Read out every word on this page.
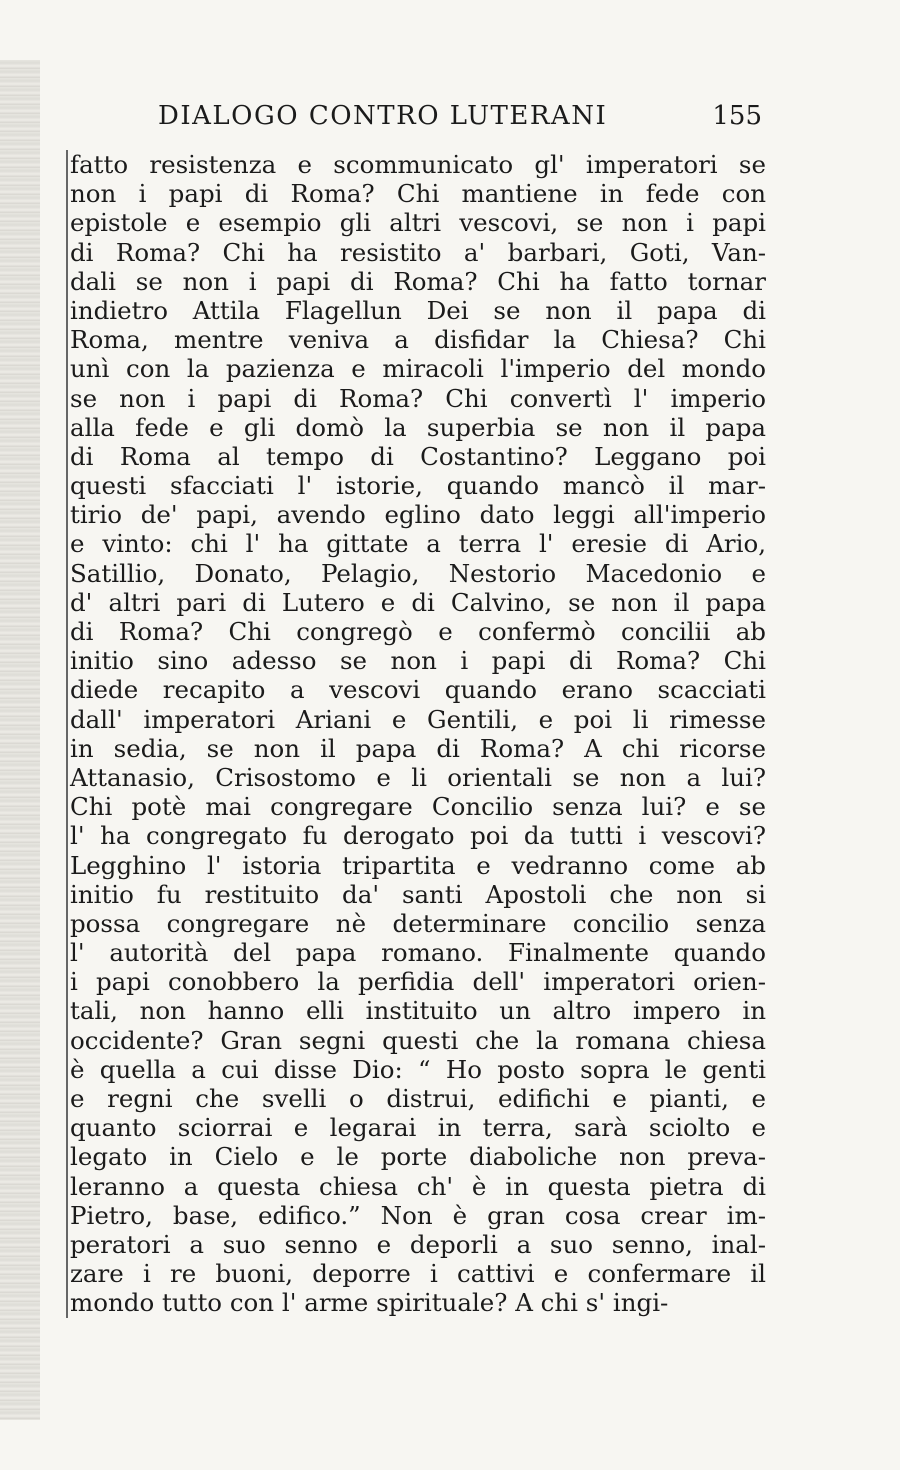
DIALOGO CONTRO LUTERANI	155
fatto resistenza e scommunicato gl' imperatori se
non i papi di Roma? Chi mantiene in fede con
epistole e esempio gli altri vescovi, se non i papi
di Roma? Chi ha resistito a' barbari, Goti, Van-
dali se non i papi di Roma? Chi ha fatto tornar
indietro Attila Flagellun Dei se non il papa di
Roma, mentre veniva a disfidar la Chiesa? Chi
unì con la pazienza e miracoli l'imperio del mondo
se non i papi di Roma? Chi convertì l' imperio
alla fede e gli domò la superbia se non il papa
di Roma al tempo di Costantino? Leggano poi
questi sfacciati l' istorie, quando mancò il mar-
tirio de' papi, avendo eglino dato leggi all'imperio
e vinto: chi l' ha gittate a terra l' eresie di Ario,
Satillio, Donato, Pelagio, Nestorio Macedonio e
d' altri pari di Lutero e di Calvino, se non il papa
di Roma? Chi congregò e confermò concilii ab
initio sino adesso se non i papi di Roma? Chi
diede recapito a vescovi quando erano scacciati
dall' imperatori Ariani e Gentili, e poi li rimesse
in sedia, se non il papa di Roma? A chi ricorse
Attanasio, Crisostomo e li orientali se non a lui?
Chi potè mai congregare Concilio senza lui? e se
l' ha congregato fu derogato poi da tutti i vescovi?
Legghino l' istoria tripartita e vedranno come ab
initio fu restituito da' santi Apostoli che non si
possa congregare nè determinare concilio senza
l' autorità del papa romano. Finalmente quando
i papi conobbero la perfidia dell' imperatori orien-
tali, non hanno elli instituito un altro impero in
occidente? Gran segni questi che la romana chiesa
è quella a cui disse Dio: “ Ho posto sopra le genti
e regni che svelli o distrui, edifichi e pianti, e
quanto sciorrai e legarai in terra, sarà sciolto e
legato in Cielo e le porte diaboliche non preva-
leranno a questa chiesa ch' è in questa pietra di
Pietro, base, edifico.” Non è gran cosa crear im-
peratori a suo senno e deporli a suo senno, inal-
zare i re buoni, deporre i cattivi e confermare il
mondo tutto con l' arme spirituale? A chi s' ingi-
